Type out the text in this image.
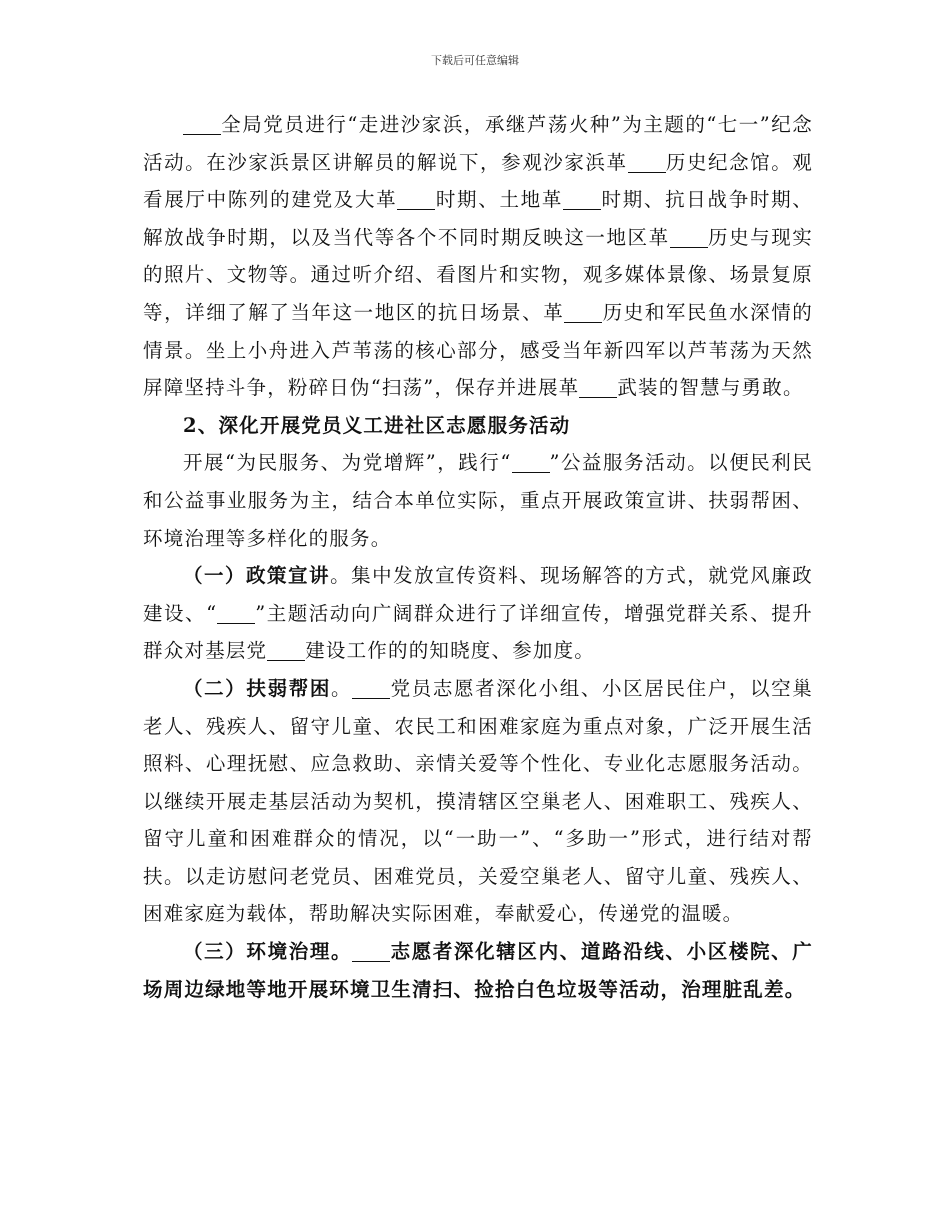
下载后可任意编辑

全局党员进行“走进沙家浜，承继芦荡火种”为主题的“七一”纪念活动。在沙家浜景区讲解员的解说下，参观沙家浜革 历史纪念馆。观看展厅中陈列的建党及大革 时期、土地革 时期、抗日战争时期、解放战争时期，以及当代等各个不同时期反映这一地区革 历史与现实的照片、文物等。通过听介绍、看图片和实物，观多媒体景像、场景复原等，详细了解了当年这一地区的抗日场景、革 历史和军民鱼水深情的情景。坐上小舟进入芦苇荡的核心部分，感受当年新四军以芦苇荡为天然屏障坚持斗争，粉碎日伪“扫荡”，保存并进展革 武装的智慧与勇敢。

2、深化开展党员义工进社区志愿服务活动

开展“为民服务、为党增辉”，践行“ ”公益服务活动。以便民利民和公益事业服务为主，结合本单位实际，重点开展政策宣讲、扶弱帮困、环境治理等多样化的服务。

（一）政策宣讲。集中发放宣传资料、现场解答的方式，就党风廉政建设、“ ”主题活动向广阔群众进行了详细宣传，增强党群关系、提升群众对基层党 建设工作的的知晓度、参加度。

（二）扶弱帮困。 党员志愿者深化小组、小区居民住户，以空巢老人、残疾人、留守儿童、农民工和困难家庭为重点对象，广泛开展生活照料、心理抚慰、应急救助、亲情关爱等个性化、专业化志愿服务活动。以继续开展走基层活动为契机，摸清辖区空巢老人、困难职工、残疾人、留守儿童和困难群众的情况，以“一助一”、“多助一”形式，进行结对帮扶。以走访慰问老党员、困难党员，关爱空巢老人、留守儿童、残疾人、困难家庭为载体，帮助解决实际困难，奉献爱心，传递党的温暖。

（三）环境治理。 志愿者深化辖区内、道路沿线、小区楼院、广场周边绿地等地开展环境卫生清扫、捡拾白色垃圾等活动，治理脏乱差。
